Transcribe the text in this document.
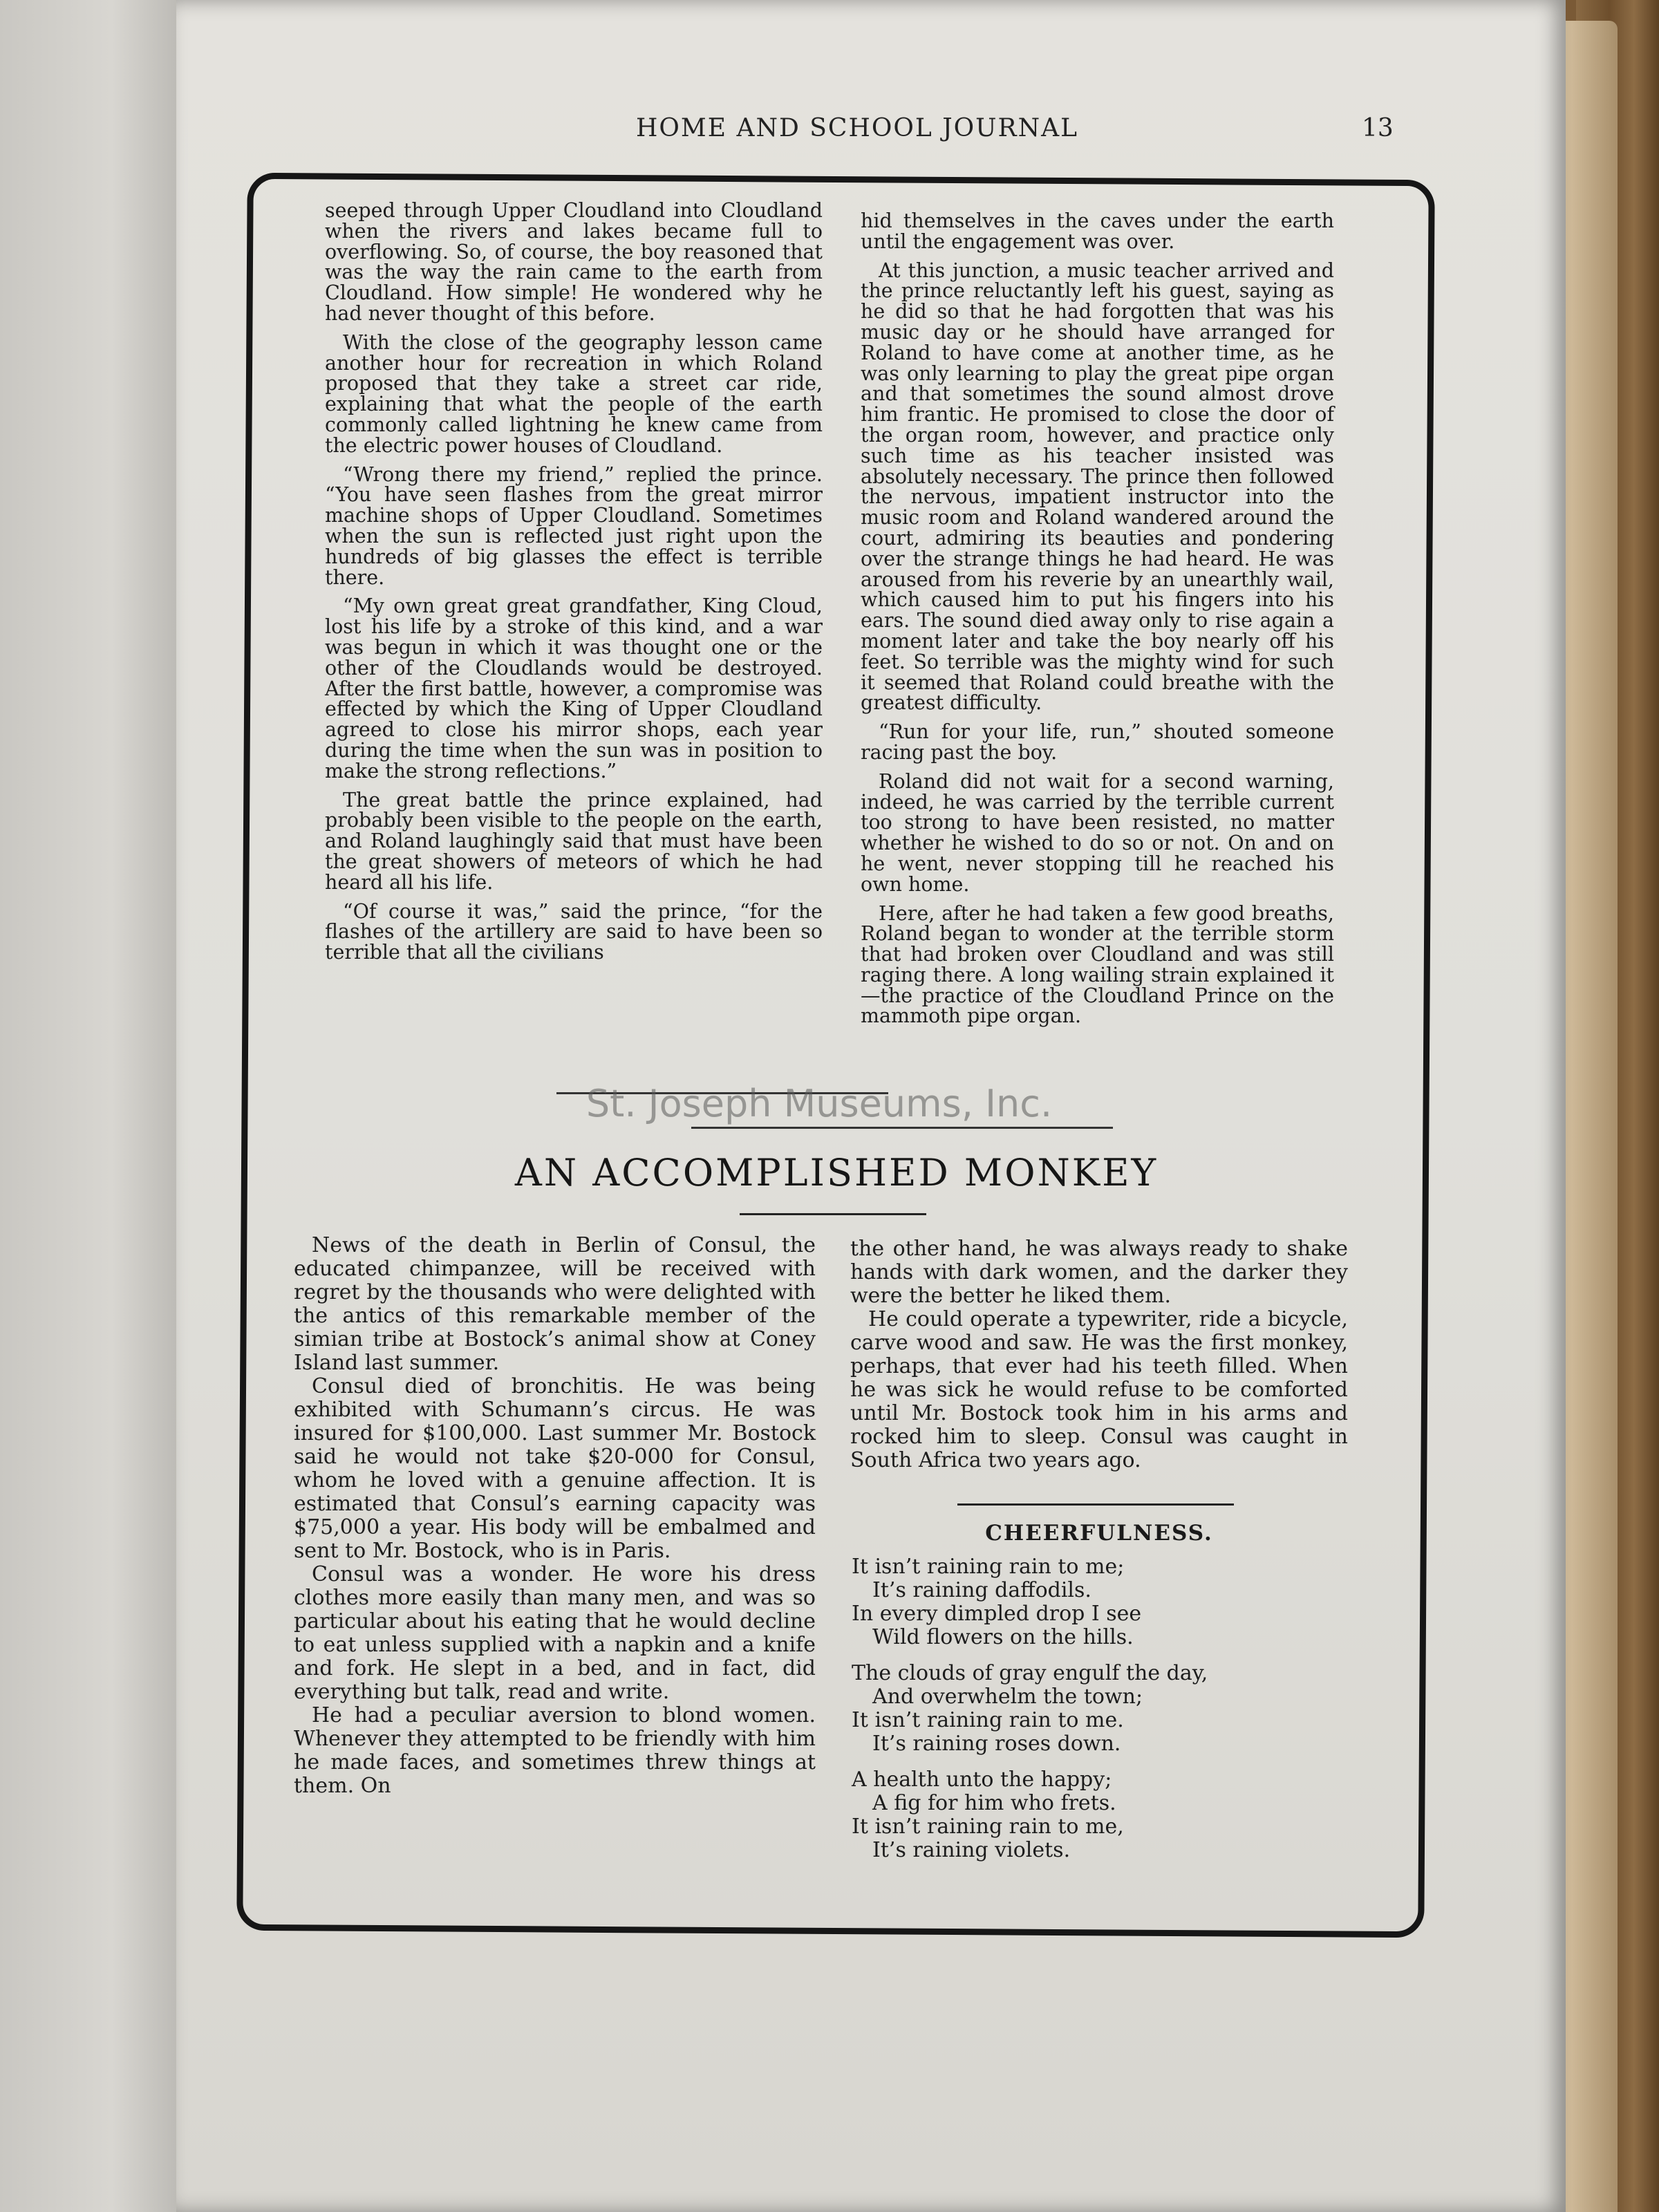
HOME AND SCHOOL JOURNAL	13

seeped through Upper Cloudland into Cloudland when the rivers and lakes became full to overflowing. So, of course, the boy reasoned that was the way the rain came to the earth from Cloudland. How simple! He wondered why he had never thought of this before.

With the close of the geography lesson came another hour for recreation in which Roland proposed that they take a street car ride, explaining that what the people of the earth commonly called lightning he knew came from the electric power houses of Cloudland.

“Wrong there my friend,” replied the prince. “You have seen flashes from the great mirror machine shops of Upper Cloudland. Sometimes when the sun is reflected just right upon the hundreds of big glasses the effect is terrible there.

“My own great great grandfather, King Cloud, lost his life by a stroke of this kind, and a war was begun in which it was thought one or the other of the Cloudlands would be destroyed. After the first battle, however, a compromise was effected by which the King of Upper Cloudland agreed to close his mirror shops, each year during the time when the sun was in position to make the strong reflections.”

The great battle the prince explained, had probably been visible to the people on the earth, and Roland laughingly said that must have been the great showers of meteors of which he had heard all his life.

“Of course it was,” said the prince, “for the flashes of the artillery are said to have been so terrible that all the civilians

hid themselves in the caves under the earth until the engagement was over.

At this junction, a music teacher arrived and the prince reluctantly left his guest, saying as he did so that he had forgotten that was his music day or he should have arranged for Roland to have come at another time, as he was only learning to play the great pipe organ and that sometimes the sound almost drove him frantic. He promised to close the door of the organ room, however, and practice only such time as his teacher insisted was absolutely necessary. The prince then followed the nervous, impatient instructor into the music room and Roland wandered around the court, admiring its beauties and pondering over the strange things he had heard. He was aroused from his reverie by an unearthly wail, which caused him to put his fingers into his ears. The sound died away only to rise again a moment later and take the boy nearly off his feet. So terrible was the mighty wind for such it seemed that Roland could breathe with the greatest difficulty.

“Run for your life, run,” shouted someone racing past the boy.

Roland did not wait for a second warning, indeed, he was carried by the terrible current too strong to have been resisted, no matter whether he wished to do so or not. On and on he went, never stopping till he reached his own home.

Here, after he had taken a few good breaths, Roland began to wonder at the terrible storm that had broken over Cloudland and was still raging there. A long wailing strain explained it—the practice of the Cloudland Prince on the mammoth pipe organ.

St. Joseph Museums, Inc.
AN ACCOMPLISHED MONKEY

News of the death in Berlin of Consul, the educated chimpanzee, will be received with regret by the thousands who were delighted with the antics of this remarkable member of the simian tribe at Bostock’s animal show at Coney Island last summer.

Consul died of bronchitis. He was being exhibited with Schumann’s circus. He was insured for $100,000. Last summer Mr. Bostock said he would not take $20-000 for Consul, whom he loved with a genuine affection. It is estimated that Consul’s earning capacity was $75,000 a year. His body will be embalmed and sent to Mr. Bostock, who is in Paris.

Consul was a wonder. He wore his dress clothes more easily than many men, and was so particular about his eating that he would decline to eat unless supplied with a napkin and a knife and fork. He slept in a bed, and in fact, did everything but talk, read and write.

He had a peculiar aversion to blond women. Whenever they attempted to be friendly with him he made faces, and sometimes threw things at them. On

the other hand, he was always ready to shake hands with dark women, and the darker they were the better he liked them.

He could operate a typewriter, ride a bicycle, carve wood and saw. He was the first monkey, perhaps, that ever had his teeth filled. When he was sick he would refuse to be comforted until Mr. Bostock took him in his arms and rocked him to sleep. Consul was caught in South Africa two years ago.

CHEERFULNESS.
It isn’t raining rain to me;
It’s raining daffodils.
In every dimpled drop I see
Wild flowers on the hills.
The clouds of gray engulf the day,
And overwhelm the town;
It isn’t raining rain to me.
It’s raining roses down.
A health unto the happy;
A fig for him who frets.
It isn’t raining rain to me,
It’s raining violets.
